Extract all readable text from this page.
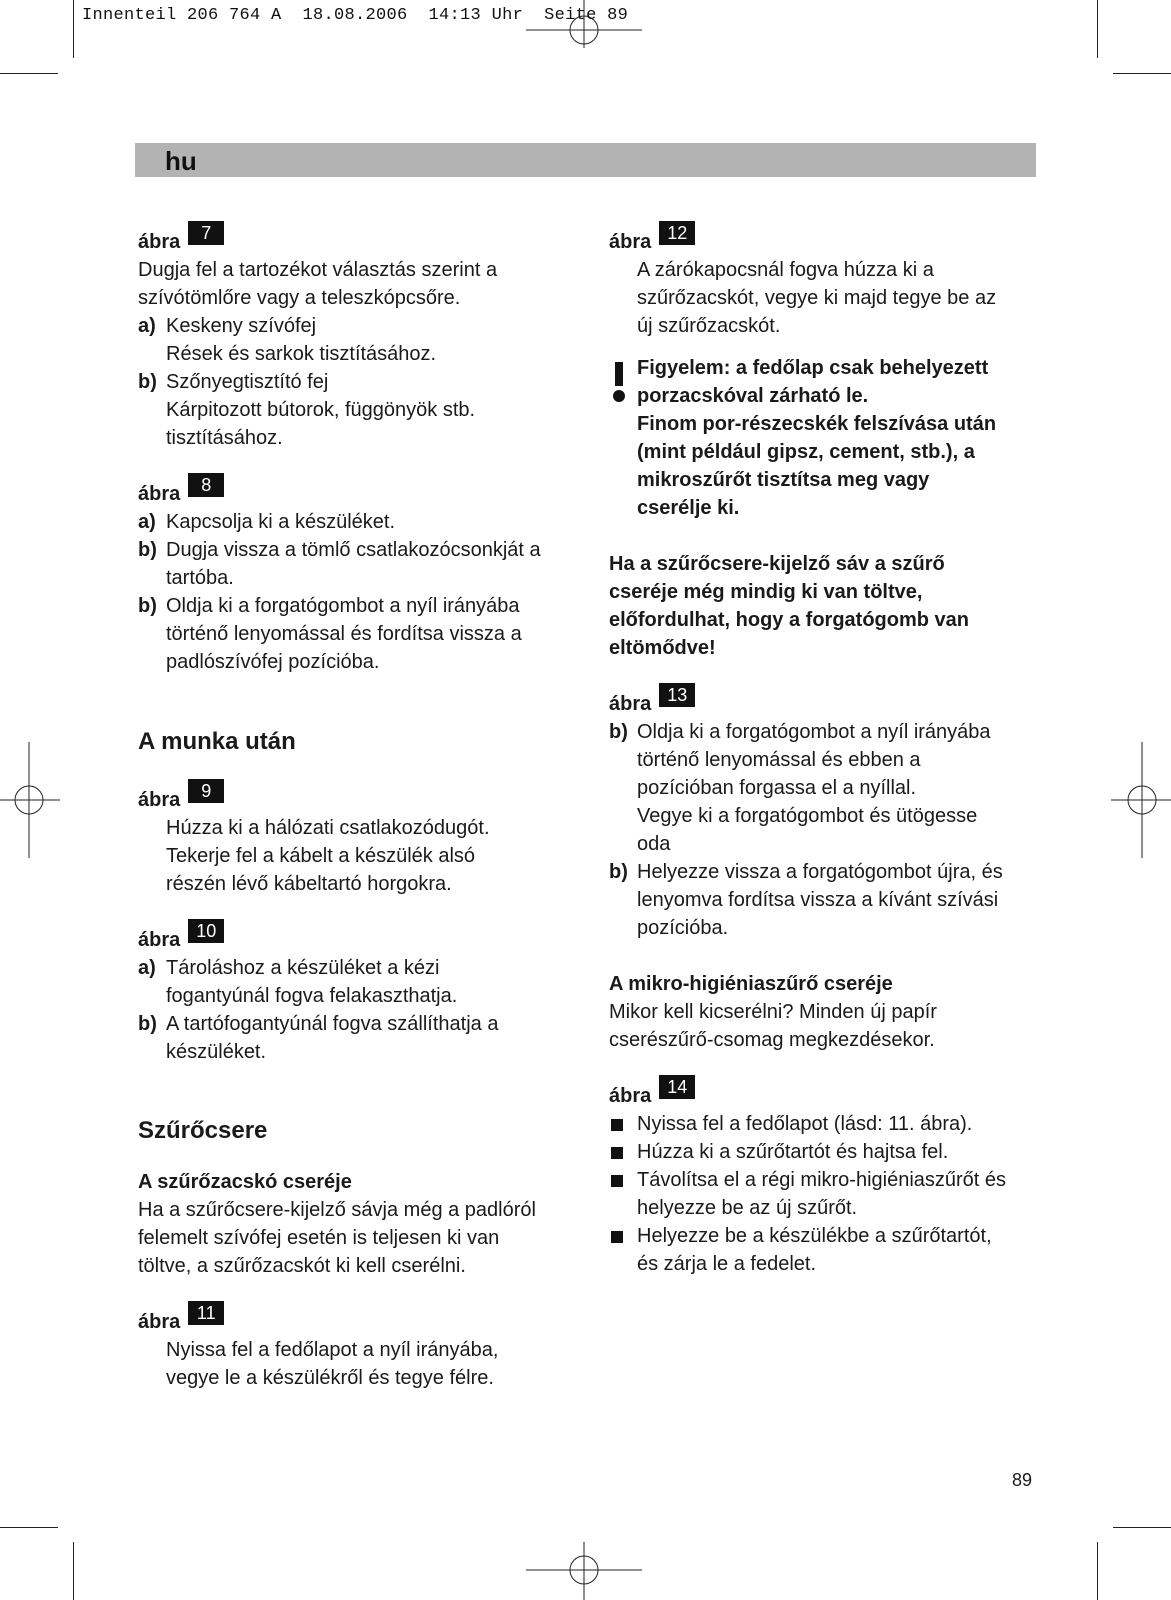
Innenteil 206 764 A  18.08.2006  14:13 Uhr  Seite 89
hu
ábra 7

Dugja fel a tartozékot választás szerint a

szívótömlőre vagy a teleszkópcsőre.

a) Keskeny szívófej

Rések és sarkok tisztításához.

b) Szőnyegtisztító fej

Kárpitozott bútorok, függönyök stb.

tisztításához.

ábra 8
a) Kapcsolja ki a készüléket.

b) Dugja vissza a tömlő csatlakozócsonkját a

tartóba.

b) Oldja ki a forgatógombot a nyíl irányába

történő lenyomással és fordítsa vissza a

padlószívófej pozícióba.

A munka után
ábra 9

Húzza ki a hálózati csatlakozódugót.

Tekerje fel a kábelt a készülék alsó

részén lévő kábeltartó horgokra.

ábra 10
a) Tároláshoz a készüléket a kézi

fogantyúnál fogva felakaszthatja.

b) A tartófogantyúnál fogva szállíthatja a

készüléket.

Szűrőcsere
A szűrőzacskó cseréje

Ha a szűrőcsere-kijelző sávja még a padlóról

felemelt szívófej esetén is teljesen ki van

töltve, a szűrőzacskót ki kell cserélni.

ábra 11

Nyissa fel a fedőlapot a nyíl irányába,

vegye le a készülékről és tegye félre.

ábra 12

A zárókapocsnál fogva húzza ki a

szűrőzacskót, vegye ki majd tegye be az

új szűrőzacskót.

Figyelem: a fedőlap csak behelyezett

porzacskóval zárható le.

Finom por-részecskék felszívása után

(mint például gipsz, cement, stb.), a

mikroszűrőt tisztítsa meg vagy

cserélje ki.

Ha a szűrőcsere-kijelző sáv a szűrő

cseréje még mindig ki van töltve,

előfordulhat, hogy a forgatógomb van

eltömődve!

ábra 13
b) Oldja ki a forgatógombot a nyíl irányába

történő lenyomással és ebben a

pozícióban forgassa el a nyíllal.

Vegye ki a forgatógombot és ütögesse

oda

b) Helyezze vissza a forgatógombot újra, és

lenyomva fordítsa vissza a kívánt szívási

pozícióba.

A mikro-higiéniaszűrő cseréje

Mikor kell kicserélni? Minden új papír

cserészűrő-csomag megkezdésekor.

ábra 14

Nyissa fel a fedőlapot (lásd: 11. ábra).

Húzza ki a szűrőtartót és hajtsa fel.

Távolítsa el a régi mikro-higiéniaszűrőt és

helyezze be az új szűrőt.

Helyezze be a készülékbe a szűrőtartót,

és zárja le a fedelet.

89
